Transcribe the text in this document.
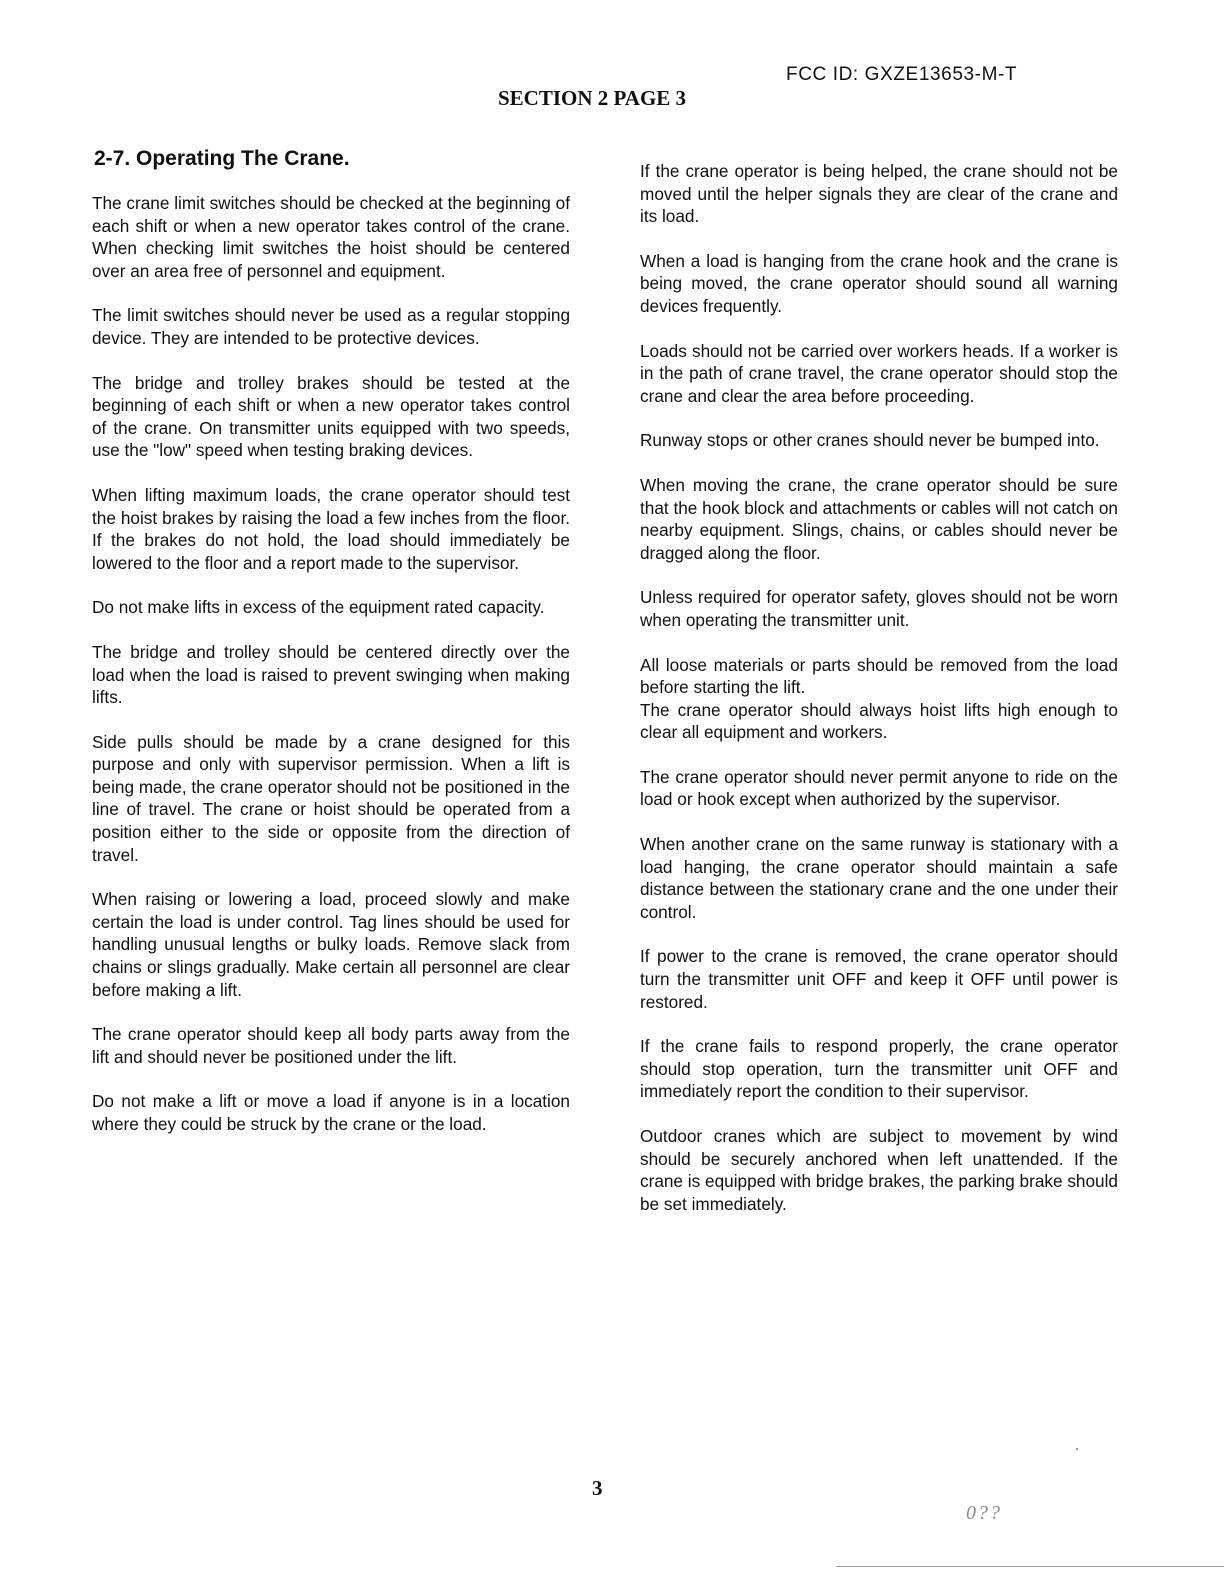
FCC ID: GXZE13653-M-T
SECTION 2 PAGE 3
2-7. Operating The Crane.

The crane limit switches should be checked at the beginning of each shift or when a new operator takes control of the crane. When checking limit switches the hoist should be centered over an area free of personnel and equipment.

The limit switches should never be used as a regular stopping device. They are intended to be protective devices.

The bridge and trolley brakes should be tested at the beginning of each shift or when a new operator takes control of the crane. On transmitter units equipped with two speeds, use the "low" speed when testing braking devices.

When lifting maximum loads, the crane operator should test the hoist brakes by raising the load a few inches from the floor. If the brakes do not hold, the load should immediately be lowered to the floor and a report made to the supervisor.

Do not make lifts in excess of the equipment rated capacity.

The bridge and trolley should be centered directly over the load when the load is raised to prevent swinging when making lifts.

Side pulls should be made by a crane designed for this purpose and only with supervisor permission. When a lift is being made, the crane operator should not be positioned in the line of travel. The crane or hoist should be operated from a position either to the side or opposite from the direction of travel.

When raising or lowering a load, proceed slowly and make certain the load is under control. Tag lines should be used for handling unusual lengths or bulky loads. Remove slack from chains or slings gradually. Make certain all personnel are clear before making a lift.

The crane operator should keep all body parts away from the lift and should never be positioned under the lift.

Do not make a lift or move a load if anyone is in a location where they could be struck by the crane or the load.

If the crane operator is being helped, the crane should not be moved until the helper signals they are clear of the crane and its load.

When a load is hanging from the crane hook and the crane is being moved, the crane operator should sound all warning devices frequently.

Loads should not be carried over workers heads. If a worker is in the path of crane travel, the crane operator should stop the crane and clear the area before proceeding.

Runway stops or other cranes should never be bumped into.

When moving the crane, the crane operator should be sure that the hook block and attachments or cables will not catch on nearby equipment. Slings, chains, or cables should never be dragged along the floor.

Unless required for operator safety, gloves should not be worn when operating the transmitter unit.

All loose materials or parts should be removed from the load before starting the lift.

The crane operator should always hoist lifts high enough to clear all equipment and workers.

The crane operator should never permit anyone to ride on the load or hook except when authorized by the supervisor.

When another crane on the same runway is stationary with a load hanging, the crane operator should maintain a safe distance between the stationary crane and the one under their control.

If power to the crane is removed, the crane operator should turn the transmitter unit OFF and keep it OFF until power is restored.

If the crane fails to respond properly, the crane operator should stop operation, turn the transmitter unit OFF and immediately report the condition to their supervisor.

Outdoor cranes which are subject to movement by wind should be securely anchored when left unattended. If the crane is equipped with bridge brakes, the parking brake should be set immediately.

3
0??
